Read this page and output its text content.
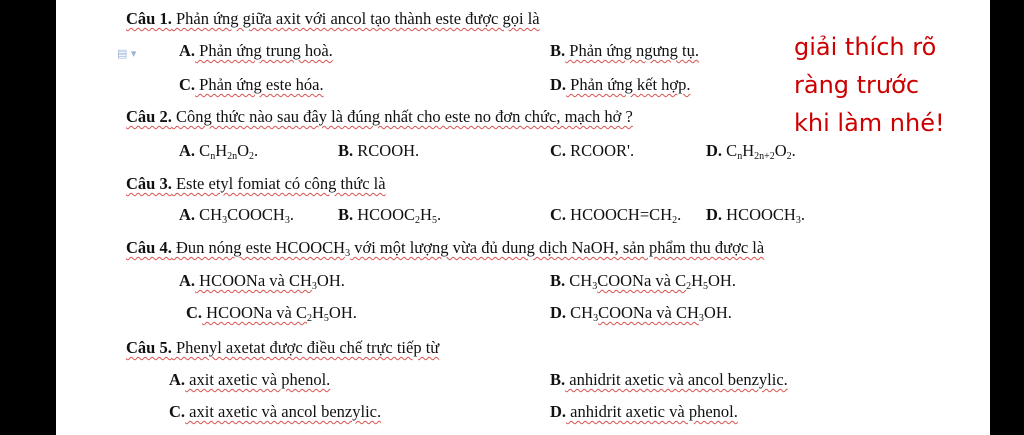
▤ ▾
Câu 1. Phản ứng giữa axit với ancol tạo thành este được gọi là
A. Phản ứng trung hoà.	B. Phản ứng ngưng tụ.
C. Phản ứng este hóa.	D. Phản ứng kết hợp.
Câu 2. Công thức nào sau đây là đúng nhất cho este no đơn chức, mạch hở ?
A. $C_nH_{2n}O_2$.	B. RCOOH.	C. RCOOR'.	D. $C_nH_{2n+2}O_2$.
Câu 3. Este etyl fomiat có công thức là
A. $CH_3COOCH_3$.	B. $HCOOC_2H_5$.	C. $HCOOCH=CH_2$. D. $HCOOCH_3$.
Câu 4. Đun nóng este $HCOOCH_3$ với một lượng vừa đủ dung dịch NaOH, sản phẩm thu được là
A. HCOONa và $CH_3OH$.	B. $CH_3COONa$ và $C_2H_5OH$.
C. HCOONa và $C_2H_5OH$.	D. $CH_3COONa$ và $CH_3OH$.
Câu 5. Phenyl axetat được điều chế trực tiếp từ
A. axit axetic và phenol.	B. anhidrit axetic và ancol benzylic.
C. axit axetic và ancol benzylic.	D. anhidrit axetic và phenol.
giải thích rõ
ràng trước
khi làm nhé!
